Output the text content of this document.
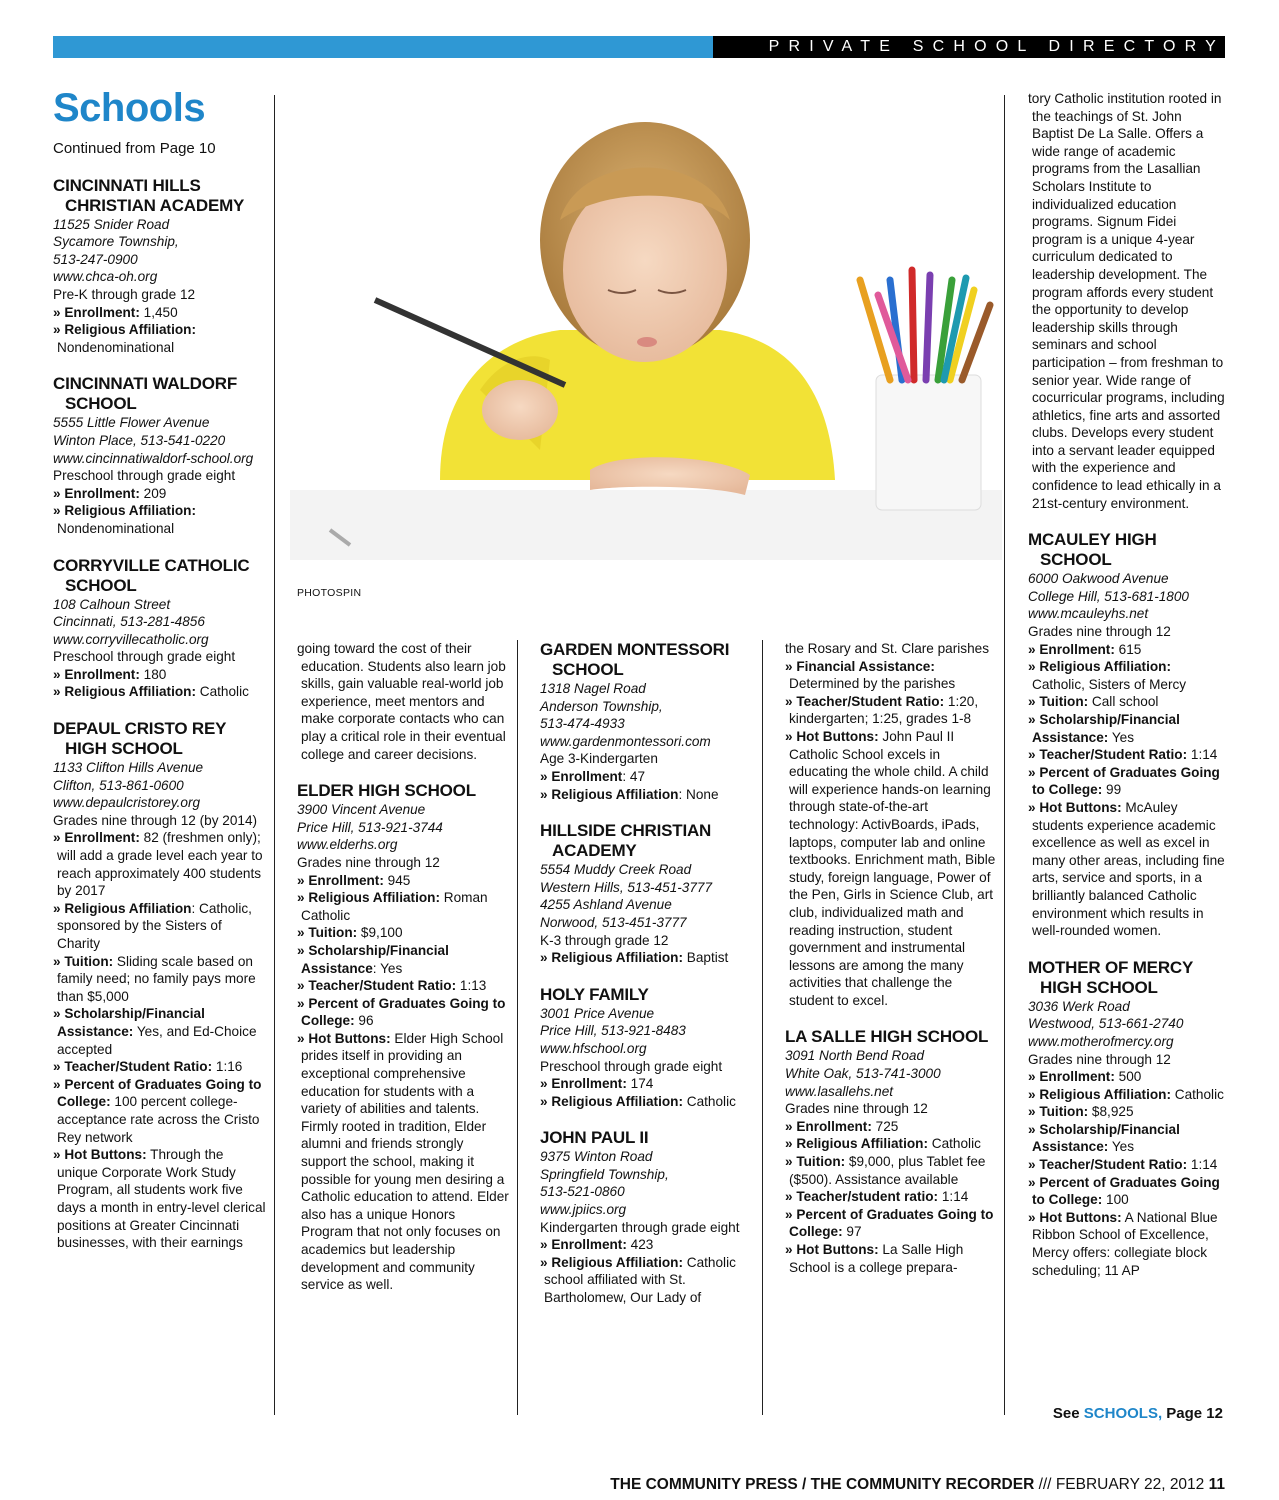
PRIVATE SCHOOL DIRECTORY
Schools
Continued from Page 10
CINCINNATI HILLS CHRISTIAN ACADEMY
11525 Snider Road
Sycamore Township,
513-247-0900
www.chca-oh.org
Pre-K through grade 12
» Enrollment: 1,450
» Religious Affiliation: Nondenominational
CINCINNATI WALDORF SCHOOL
5555 Little Flower Avenue
Winton Place, 513-541-0220
www.cincinnatiwaldorf-school.org
Preschool through grade eight
» Enrollment: 209
» Religious Affiliation: Nondenominational
CORRYVILLE CATHOLIC SCHOOL
108 Calhoun Street
Cincinnati, 513-281-4856
www.corryvillecatholic.org
Preschool through grade eight
» Enrollment: 180
» Religious Affiliation: Catholic
DEPAUL CRISTO REY HIGH SCHOOL
1133 Clifton Hills Avenue
Clifton, 513-861-0600
www.depaulcristorey.org
Grades nine through 12 (by 2014)
» Enrollment: 82 (freshmen only); will add a grade level each year to reach approximately 400 students by 2017
» Religious Affiliation: Catholic, sponsored by the Sisters of Charity
» Tuition: Sliding scale based on family need; no family pays more than $5,000
» Scholarship/Financial Assistance: Yes, and Ed-Choice accepted
» Teacher/Student Ratio: 1:16
» Percent of Graduates Going to College: 100 percent college-acceptance rate across the Cristo Rey network
» Hot Buttons: Through the unique Corporate Work Study Program, all students work five days a month in entry-level clerical positions at Greater Cincinnati businesses, with their earnings
going toward the cost of their education. Students also learn job skills, gain valuable real-world job experience, meet mentors and make corporate contacts who can play a critical role in their eventual college and career decisions.
ELDER HIGH SCHOOL
3900 Vincent Avenue
Price Hill, 513-921-3744
www.elderhs.org
Grades nine through 12
» Enrollment: 945
» Religious Affiliation: Roman Catholic
» Tuition: $9,100
» Scholarship/Financial Assistance: Yes
» Teacher/Student Ratio: 1:13
» Percent of Graduates Going to College: 96
» Hot Buttons: Elder High School prides itself in providing an exceptional comprehensive education for students with a variety of abilities and talents. Firmly rooted in tradition, Elder alumni and friends strongly support the school, making it possible for young men desiring a Catholic education to attend. Elder also has a unique Honors Program that not only focuses on academics but leadership development and community service as well.
GARDEN MONTESSORI SCHOOL
1318 Nagel Road
Anderson Township,
513-474-4933
www.gardenmontessori.com
Age 3-Kindergarten
» Enrollment: 47
» Religious Affiliation: None
HILLSIDE CHRISTIAN ACADEMY
5554 Muddy Creek Road
Western Hills, 513-451-3777
4255 Ashland Avenue
Norwood, 513-451-3777
K-3 through grade 12
» Religious Affiliation: Baptist
HOLY FAMILY
3001 Price Avenue
Price Hill, 513-921-8483
www.hfschool.org
Preschool through grade eight
» Enrollment: 174
» Religious Affiliation: Catholic
JOHN PAUL II
9375 Winton Road
Springfield Township,
513-521-0860
www.jpiics.org
Kindergarten through grade eight
» Enrollment: 423
» Religious Affiliation: Catholic school affiliated with St. Bartholomew, Our Lady of
the Rosary and St. Clare parishes
» Financial Assistance: Determined by the parishes
» Teacher/Student Ratio: 1:20, kindergarten; 1:25, grades 1-8
» Hot Buttons: John Paul II Catholic School excels in educating the whole child. A child will experience hands-on learning through state-of-the-art technology: ActivBoards, iPads, laptops, computer lab and online textbooks. Enrichment math, Bible study, foreign language, Power of the Pen, Girls in Science Club, art club, individualized math and reading instruction, student government and instrumental lessons are among the many activities that challenge the student to excel.
LA SALLE HIGH SCHOOL
3091 North Bend Road
White Oak, 513-741-3000
www.lasallehs.net
Grades nine through 12
» Enrollment: 725
» Religious Affiliation: Catholic
» Tuition: $9,000, plus Tablet fee ($500). Assistance available
» Teacher/student ratio: 1:14
» Percent of Graduates Going to College: 97
» Hot Buttons: La Salle High School is a college prepara-
tory Catholic institution rooted in the teachings of St. John Baptist De La Salle. Offers a wide range of academic programs from the Lasallian Scholars Institute to individualized education programs. Signum Fidei program is a unique 4-year curriculum dedicated to leadership development. The program affords every student the opportunity to develop leadership skills through seminars and school participation – from freshman to senior year. Wide range of cocurricular programs, including athletics, fine arts and assorted clubs. Develops every student into a servant leader equipped with the experience and confidence to lead ethically in a 21st-century environment.
MCAULEY HIGH SCHOOL
6000 Oakwood Avenue
College Hill, 513-681-1800
www.mcauleyhs.net
Grades nine through 12
» Enrollment: 615
» Religious Affiliation: Catholic, Sisters of Mercy
» Tuition: Call school
» Scholarship/Financial Assistance: Yes
» Teacher/Student Ratio: 1:14
» Percent of Graduates Going to College: 99
» Hot Buttons: McAuley students experience academic excellence as well as excel in many other areas, including fine arts, service and sports, in a brilliantly balanced Catholic environment which results in well-rounded women.
MOTHER OF MERCY HIGH SCHOOL
3036 Werk Road
Westwood, 513-661-2740
www.motherofmercy.org
Grades nine through 12
» Enrollment: 500
» Religious Affiliation: Catholic
» Tuition: $8,925
» Scholarship/Financial Assistance: Yes
» Teacher/Student Ratio: 1:14
» Percent of Graduates Going to College: 100
» Hot Buttons: A National Blue Ribbon School of Excellence, Mercy offers: collegiate block scheduling; 11 AP
PHOTOSPIN
See SCHOOLS, Page 12
THE COMMUNITY PRESS / THE COMMUNITY RECORDER /// FEBRUARY 22, 2012 11
